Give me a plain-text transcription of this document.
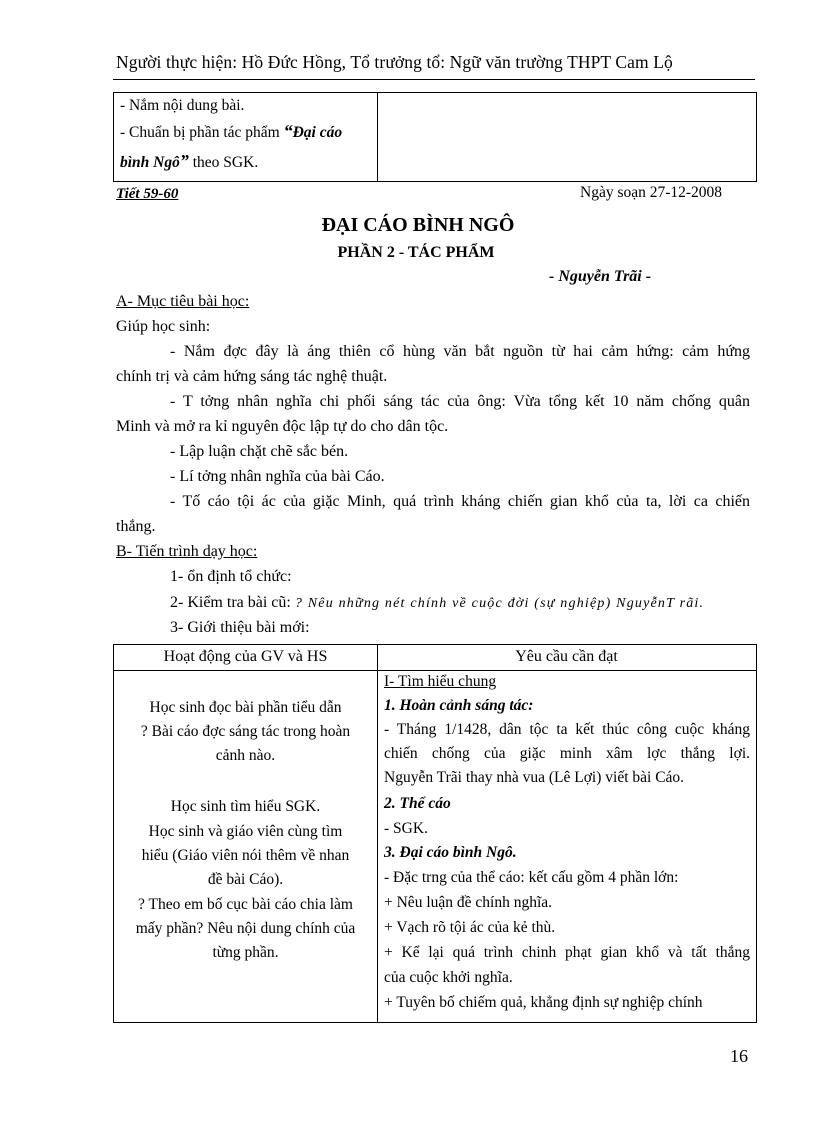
Người thực hiện: Hồ Đức Hồng, Tổ trưởng tổ: Ngữ văn trường THPT Cam Lộ
- Nắm nội dung bài.
- Chuẩn bị phần tác phẩm “Đại cáo
bình Ngô” theo SGK.
Tiết 59-60	Ngày soạn 27-12-2008
ĐẠI CÁO BÌNH NGÔ
PHẦN 2 - TÁC PHẨM
- Nguyễn Trãi -
A- Mục tiêu bài học:
Giúp học sinh:
- Nắm đợc đây là áng thiên cổ hùng văn bắt nguồn từ hai cảm hứng: cảm hứng
chính trị và cảm hứng sáng tác nghệ thuật.
- T tởng nhân nghĩa chi phối sáng tác của ông: Vừa tổng kết 10 năm chống quân
Minh và mở ra kỉ nguyên độc lập tự do cho dân tộc.
- Lập luận chặt chẽ sắc bén.
- Lí tởng nhân nghĩa của bài Cáo.
- Tố cáo tội ác của giặc Minh, quá trình kháng chiến gian khổ của ta, lời ca chiến
thắng.
B- Tiến trình dạy học:
1- ổn định tổ chức:
2- Kiểm tra bài cũ: ? Nêu những nét chính về cuộc đời (sự nghiệp) NguyễnT rãi.
3- Giới thiệu bài mới:
Hoạt động của GV và HS	Yêu cầu cần đạt
Học sinh đọc bài phần tiểu dẫn
? Bài cáo đợc sáng tác trong hoàn
cảnh nào.
Học sinh tìm hiểu SGK.
Học sinh và giáo viên cùng tìm
hiểu (Giáo viên nói thêm về nhan
đề bài Cáo).
? Theo em bố cục bài cáo chia làm
mấy phần? Nêu nội dung chính của
từng phần.
I- Tìm hiểu chung
1. Hoàn cảnh sáng tác:
- Tháng 1/1428, dân tộc ta kết thúc công cuộc kháng
chiến chống của giặc minh xâm lợc thắng lợi.
Nguyễn Trãi thay nhà vua (Lê Lợi) viết bài Cáo.
2. Thể cáo
- SGK.
3. Đại cáo bình Ngô.
- Đặc trng của thể cáo: kết cấu gồm 4 phần lớn:
+ Nêu luận đề chính nghĩa.
+ Vạch rõ tội ác của kẻ thù.
+ Kể lại quá trình chinh phạt gian khổ và tất thắng
của cuộc khởi nghĩa.
+ Tuyên bố chiếm quả, khẳng định sự nghiệp chính
16
